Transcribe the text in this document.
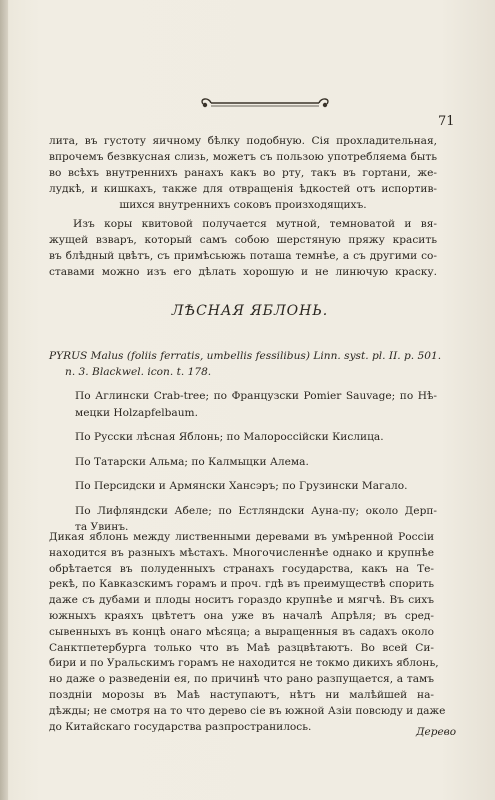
71
лита, въ густоту яичному бѣлку подобную. Сія прохладительная,
впрочемъ безвкусная слизь, можетъ съ пользою употребляема быть
во всѣхъ внутреннихъ ранахъ какъ во рту, такъ въ гортани, же-
лудкѣ, и кишкахъ, также для отвращенія ѣдкостей отъ испортив-
шихся внутреннихъ соковъ произходящихъ.
Изъ коры квитовой получается мутной, темноватой и вя-
жущей взваръ, который самъ собою шерстяную пряжу красить
въ блѣдный цвѣтъ, съ примѣсьюжь поташа темнѣе, а съ другими со-
ставами можно изъ его дѣлать хорошую и не линючую краску.
ЛѢСНАЯ ЯБЛОНЬ.
PYRUS Malus (foliis ferratis, umbellis fessilibus) Linn. syst. pl. II. p. 501.
n. 3. Blackwel. icon. t. 178.
По Аглински Crab-tree; по Французски Pomier Sauvage; по Нѣ-
мецки Holzapfelbaum.
По Русски лѣсная Яблонь; по Малороссійски Кислица.
По Татарски Альма; по Калмыцки Алема.
По Персидски и Армянски Хансэръ; по Грузински Магало.
По Лифляндски Абеле; по Естляндски Ауна-пу; около Дерп-
та Увинъ.
Дикая яблонь между лиственными деревами въ умѣренной Россіи
находится въ разныхъ мѣстахъ. Многочисленнѣе однако и крупнѣе
обрѣтается въ полуденныхъ странахъ государства, какъ на Те-
рекѣ, по Кавказскимъ горамъ и проч. гдѣ въ преимуществѣ спорить
даже съ дубами и плоды носитъ гораздо крупнѣе и мягчѣ. Въ сихъ
южныхъ краяхъ цвѣтетъ она уже въ началѣ Апрѣля; въ сред-
сывенныхъ въ концѣ онаго мѣсяца; а выращенныя въ садахъ около
Санктпетербурга только что въ Маѣ разцвѣтаютъ. Во всей Си-
бири и по Уральскимъ горамъ не находится не токмо дикихъ яблонь,
но даже о разведеніи ея, по причинѣ что рано разпущается, а тамъ
поздніи морозы въ Маѣ наступаютъ, нѣтъ ни малѣйшей на-
дѣжды; не смотря на то что дерево сіе въ южной Азіи повсюду и даже
до Китайскаго государства разпространилось.	Дерево
